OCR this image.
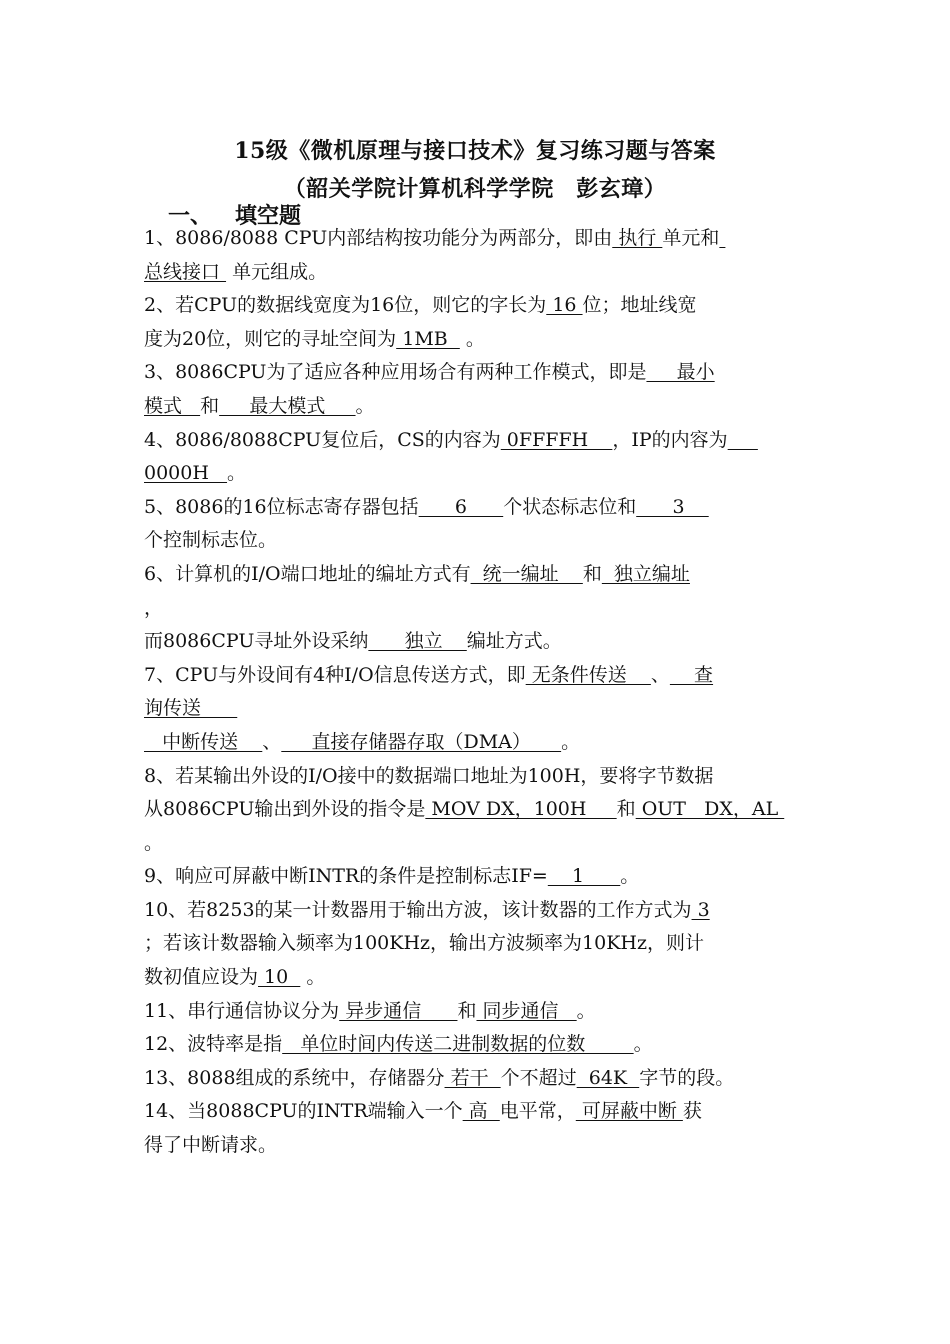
15级《微机原理与接口技术》复习练习题与答案
（韶关学院计算机科学学院　彭玄璋）
一、 填空题
1、8086/8088 CPU内部结构按功能分为两部分，即由 执行 单元和
总线接口  单元组成。
2、若CPU的数据线宽度为16位，则它的字长为 16 位；地址线宽
度为20位，则它的寻址空间为 1MB   。
3、8086CPU为了适应各种应用场合有两种工作模式，即是     最小
模式   和     最大模式     。
4、8086/8088CPU复位后，CS的内容为 0FFFFH    ，IP的内容为
0000H   。
5、8086的16位标志寄存器包括      6      个状态标志位和      3
个控制标志位。
6、计算机的I/O端口地址的编址方式有  统一编址    和  独立编址
，
而8086CPU寻址外设采纳      独立    编址方式。
7、CPU与外设间有4种I/O信息传送方式，即 无条件传送    、    查
询传送
中断传送    、     直接存储器存取（DMA）     。
8、若某输出外设的I/O接中的数据端口地址为100H，要将字节数据
从8086CPU输出到外设的指令是 MOV DX，100H     和 OUT   DX，AL
。
9、响应可屏蔽中断INTR的条件是控制标志IF=    1      。
10、若8253的某一计数器用于输出方波，该计数器的工作方式为 3
；若该计数器输入频率为100KHz，输出方波频率为10KHz，则计
数初值应设为 10   。
11、串行通信协议分为 异步通信      和 同步通信   。
12、波特率是指   单位时间内传送二进制数据的位数        。
13、8088组成的系统中，存储器分 若干  个不超过  64K  字节的段。
14、当8088CPU的INTR端输入一个 高  电平常， 可屏蔽中断 获
得了中断请求。
